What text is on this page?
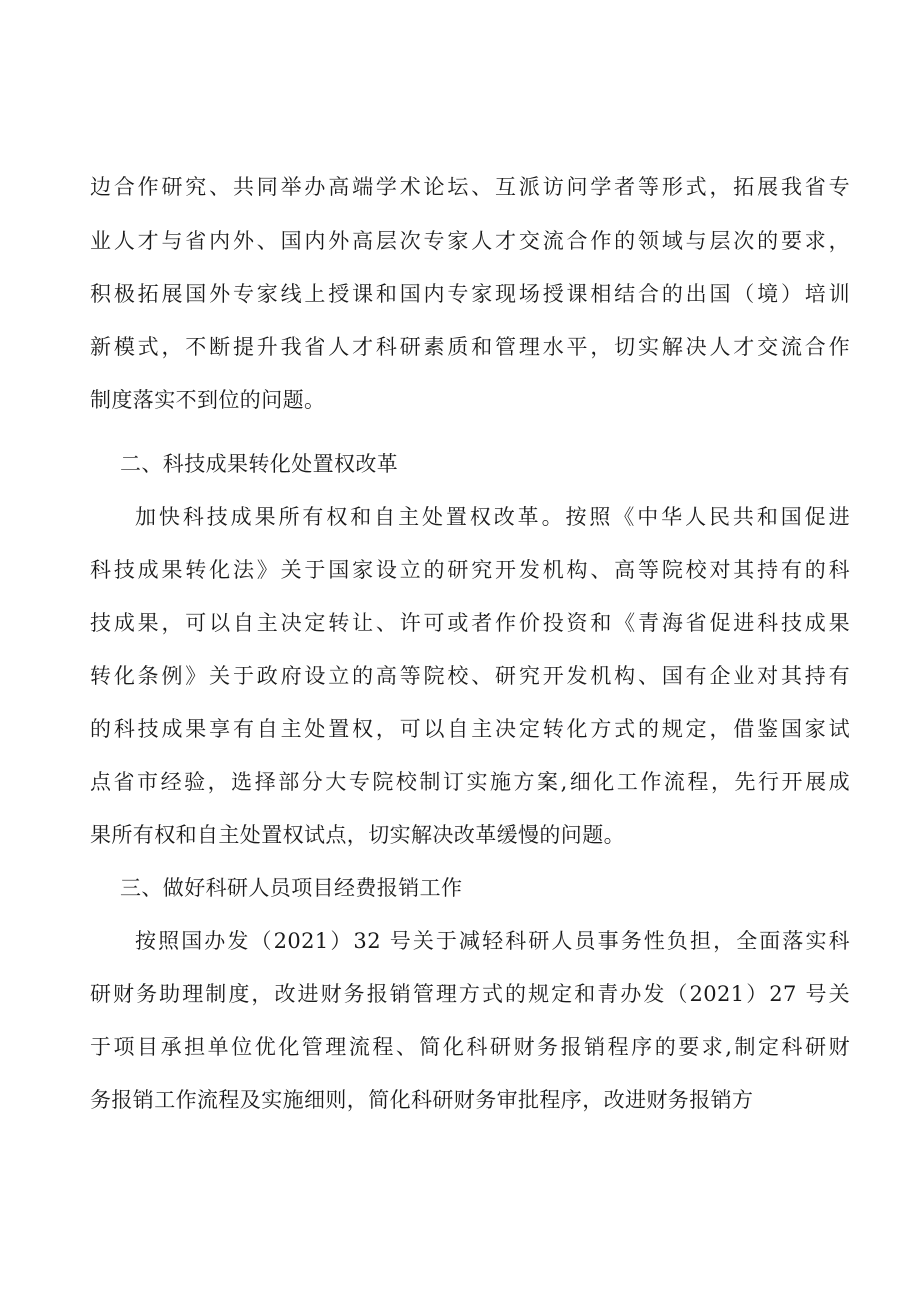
边合作研究、共同举办高端学术论坛、互派访问学者等形式，拓展我省专
业人才与省内外、国内外高层次专家人才交流合作的领域与层次的要求，
积极拓展国外专家线上授课和国内专家现场授课相结合的出国（境）培训
新模式，不断提升我省人才科研素质和管理水平，切实解决人才交流合作
制度落实不到位的问题。
二、科技成果转化处置权改革
加快科技成果所有权和自主处置权改革。按照《中华人民共和国促进
科技成果转化法》关于国家设立的研究开发机构、高等院校对其持有的科
技成果，可以自主决定转让、许可或者作价投资和《青海省促进科技成果
转化条例》关于政府设立的高等院校、研究开发机构、国有企业对其持有
的科技成果享有自主处置权，可以自主决定转化方式的规定，借鉴国家试
点省市经验，选择部分大专院校制订实施方案,细化工作流程，先行开展成
果所有权和自主处置权试点，切实解决改革缓慢的问题。
三、做好科研人员项目经费报销工作
按照国办发（2021）32 号关于减轻科研人员事务性负担，全面落实科
研财务助理制度，改进财务报销管理方式的规定和青办发（2021）27 号关
于项目承担单位优化管理流程、简化科研财务报销程序的要求,制定科研财
务报销工作流程及实施细则，简化科研财务审批程序，改进财务报销方
